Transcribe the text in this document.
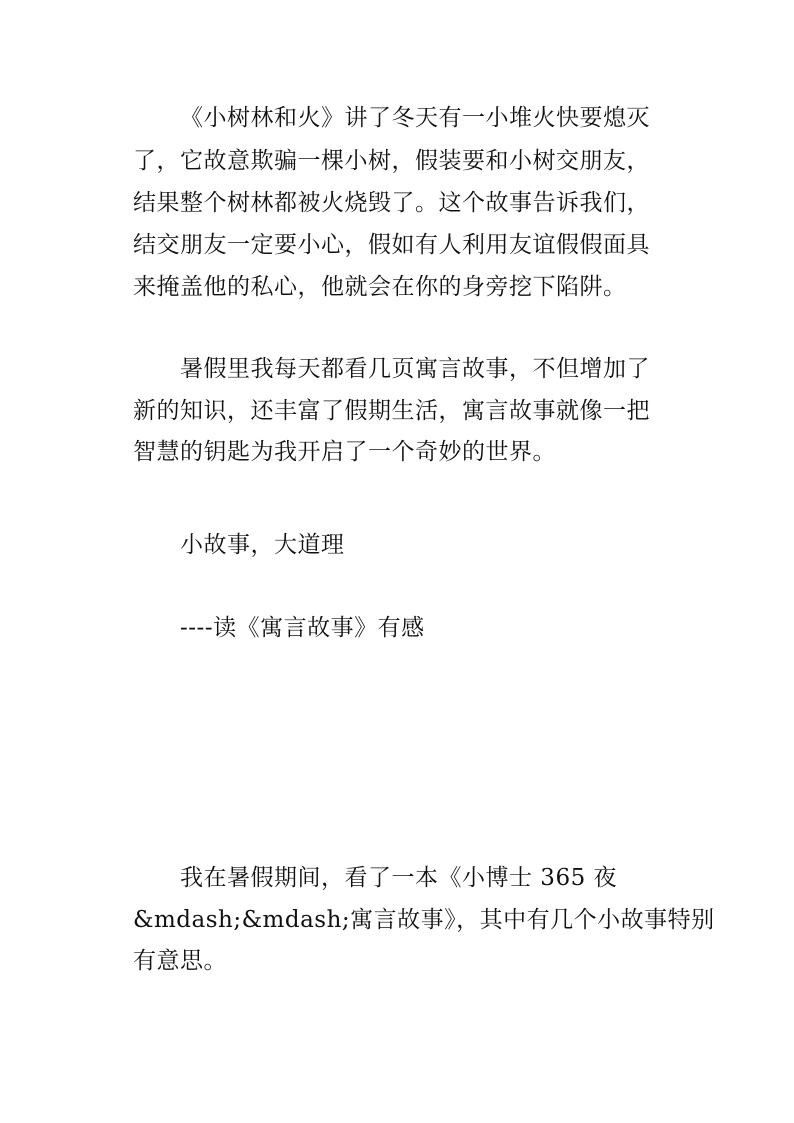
《小树林和火》讲了冬天有一小堆火快要熄灭
了，它故意欺骗一棵小树，假装要和小树交朋友，
结果整个树林都被火烧毁了。这个故事告诉我们，
结交朋友一定要小心，假如有人利用友谊假假面具
来掩盖他的私心，他就会在你的身旁挖下陷阱。
暑假里我每天都看几页寓言故事，不但增加了
新的知识，还丰富了假期生活，寓言故事就像一把
智慧的钥匙为我开启了一个奇妙的世界。
小故事，大道理
----读《寓言故事》有感
我在暑假期间，看了一本《小博士 365 夜
&mdash;&mdash;寓言故事》，其中有几个小故事特别
有意思。
